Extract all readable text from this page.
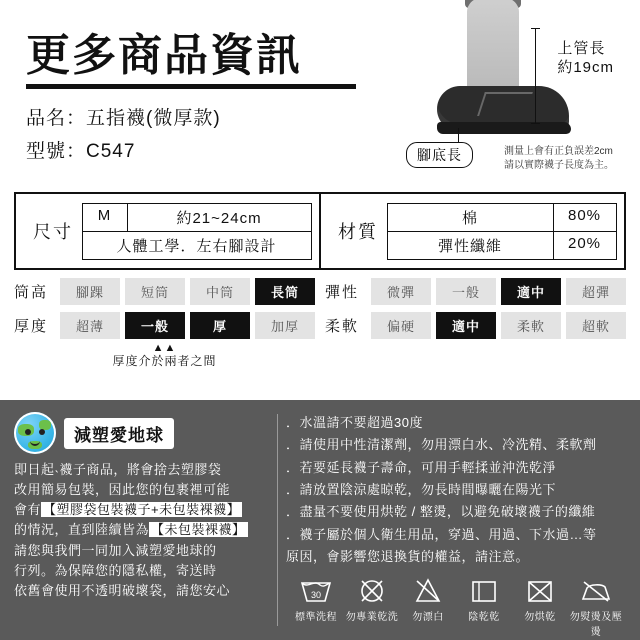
更多商品資訊
品名：五指襪(微厚款)
型號：C547
上管長
約19cm
腳底長	測量上會有正負誤差2cm 請以實際襪子長度為主。
尺寸
M	約21~24cm
人體工學．左右腳設計
材質
棉	80%
彈性纖維	20%
筒高	腳踝	短筒	中筒	長筒
厚度	超薄	一般	厚	加厚
▲▲
厚度介於兩者之間
彈性	微彈	一般	適中	超彈
柔軟	偏硬	適中	柔軟	超軟
減塑愛地球
即日起˴襪子商品，將會捨去塑膠袋
改用簡易包裝，因此您的包裹裡可能
會有 【塑膠袋包裝襪子+未包裝裸襪】
的情況，直到陸續皆為 【未包裝裸襪】
請您與我們一同加入減塑愛地球的
行列。為保障您的隱私權，寄送時
依舊會使用不透明破壞袋，請您安心
．水溫請不要超過30度
．請使用中性清潔劑，勿用漂白水、冷洗精、柔軟劑
．若要延長襪子壽命，可用手輕揉並沖洗乾淨
．請放置陰涼處晾乾，勿長時間曝曬在陽光下
．盡量不要使用烘乾 / 整燙，以避免破壞襪子的纖維
．襪子屬於個人衛生用品，穿過、用過、下水過…等
原因，會影響您退換貨的權益，請注意。
30
標準洗程 勿專業乾洗	勿漂白	陰乾乾	勿烘乾	勿熨燙及壓燙
